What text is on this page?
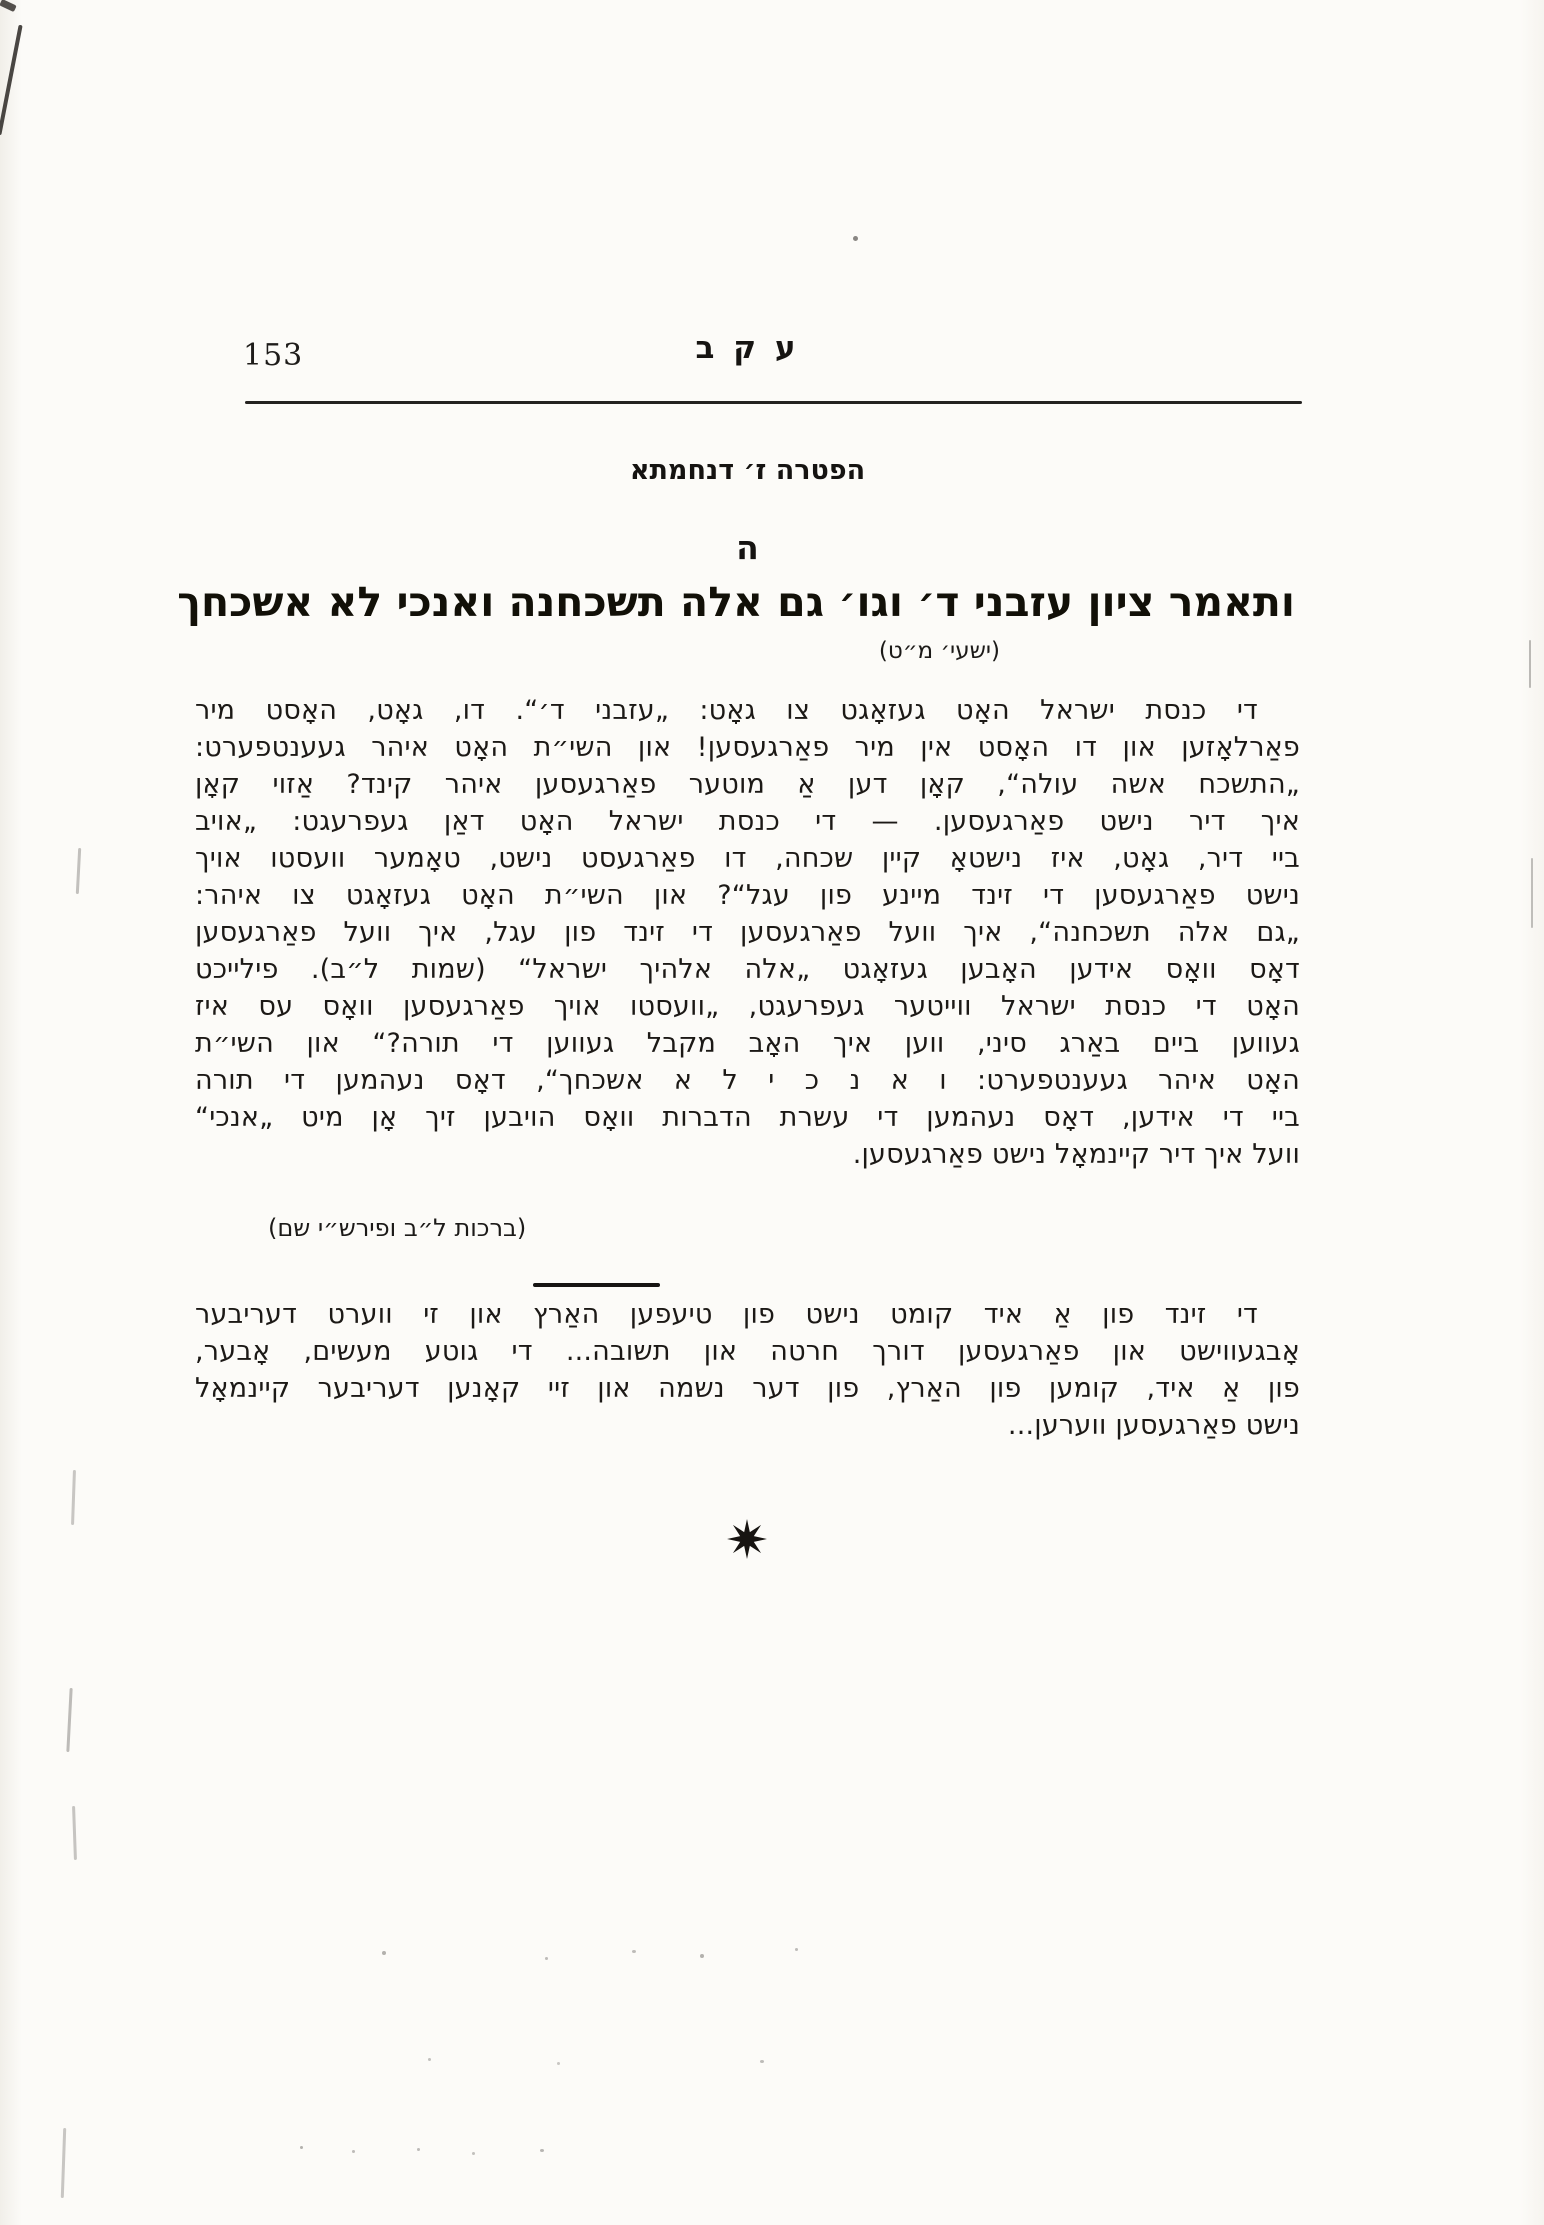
153	ע ק ב
הפטרה ז׳ דנחמתא
ה
ותאמר ציון עזבני ד׳ וגו׳ גם אלה תשכחנה ואנכי לא אשכחך
(ישעי׳ מ״ט)
די כנסת ישראל האָט געזאָגט צו גאָט: „עזבני ד׳“. דו, גאָט, האָסט מיר
פאַרלאָזען און דו האָסט אין מיר פאַרגעסען! און השי״ת האָט איהר געענטפערט:
„התשכח אשה עולה“, קאָן דען אַ מוטער פאַרגעסען איהר קינד? אַזוי קאָן
איך דיר נישט פאַרגעסען. — די כנסת ישראל האָט דאַן געפרעגט: „אויב
ביי דיר, גאָט, איז נישטאָ קיין שכחה, דו פאַרגעסט נישט, טאָמער וועסטו אויך
נישט פאַרגעסען די זינד מיינע פון עגל“? און השי״ת האָט געזאָגט צו איהר:
„גם אלה תשכחנה“, איך וועל פאַרגעסען די זינד פון עגל, איך וועל פאַרגעסען
דאָס וואָס אידען האָבען געזאָגט „אלה אלהיך ישראל“ (שמות ל״ב). פילייכט
האָט די כנסת ישראל ווייטער געפרעגט, „וועסטו אויך פאַרגעסען וואָס עס איז
געווען ביים באַרג סיני, ווען איך האָב מקבל געווען די תורה?“ און השי״ת
האָט איהר געענטפערט: ו א נ כ י ל א אשכחך“, דאָס נעהמען די תורה
ביי די אידען, דאָס נעהמען די עשרת הדברות וואָס הויבען זיך אָן מיט „אנכי“
וועל איך דיר קיינמאָל נישט פאַרגעסען.
(ברכות ל״ב ופירש״י שם)
די זינד פון אַ איד קומט נישט פון טיעפען האַרץ און זי ווערט דעריבער
אָבגעווישט און פאַרגעסען דורך חרטה און תשובה... די גוטע מעשים, אָבער,
פון אַ איד, קומען פון האַרץ, פון דער נשמה און זיי קאָנען דעריבער קיינמאָל
נישט פאַרגעסען ווערען...
